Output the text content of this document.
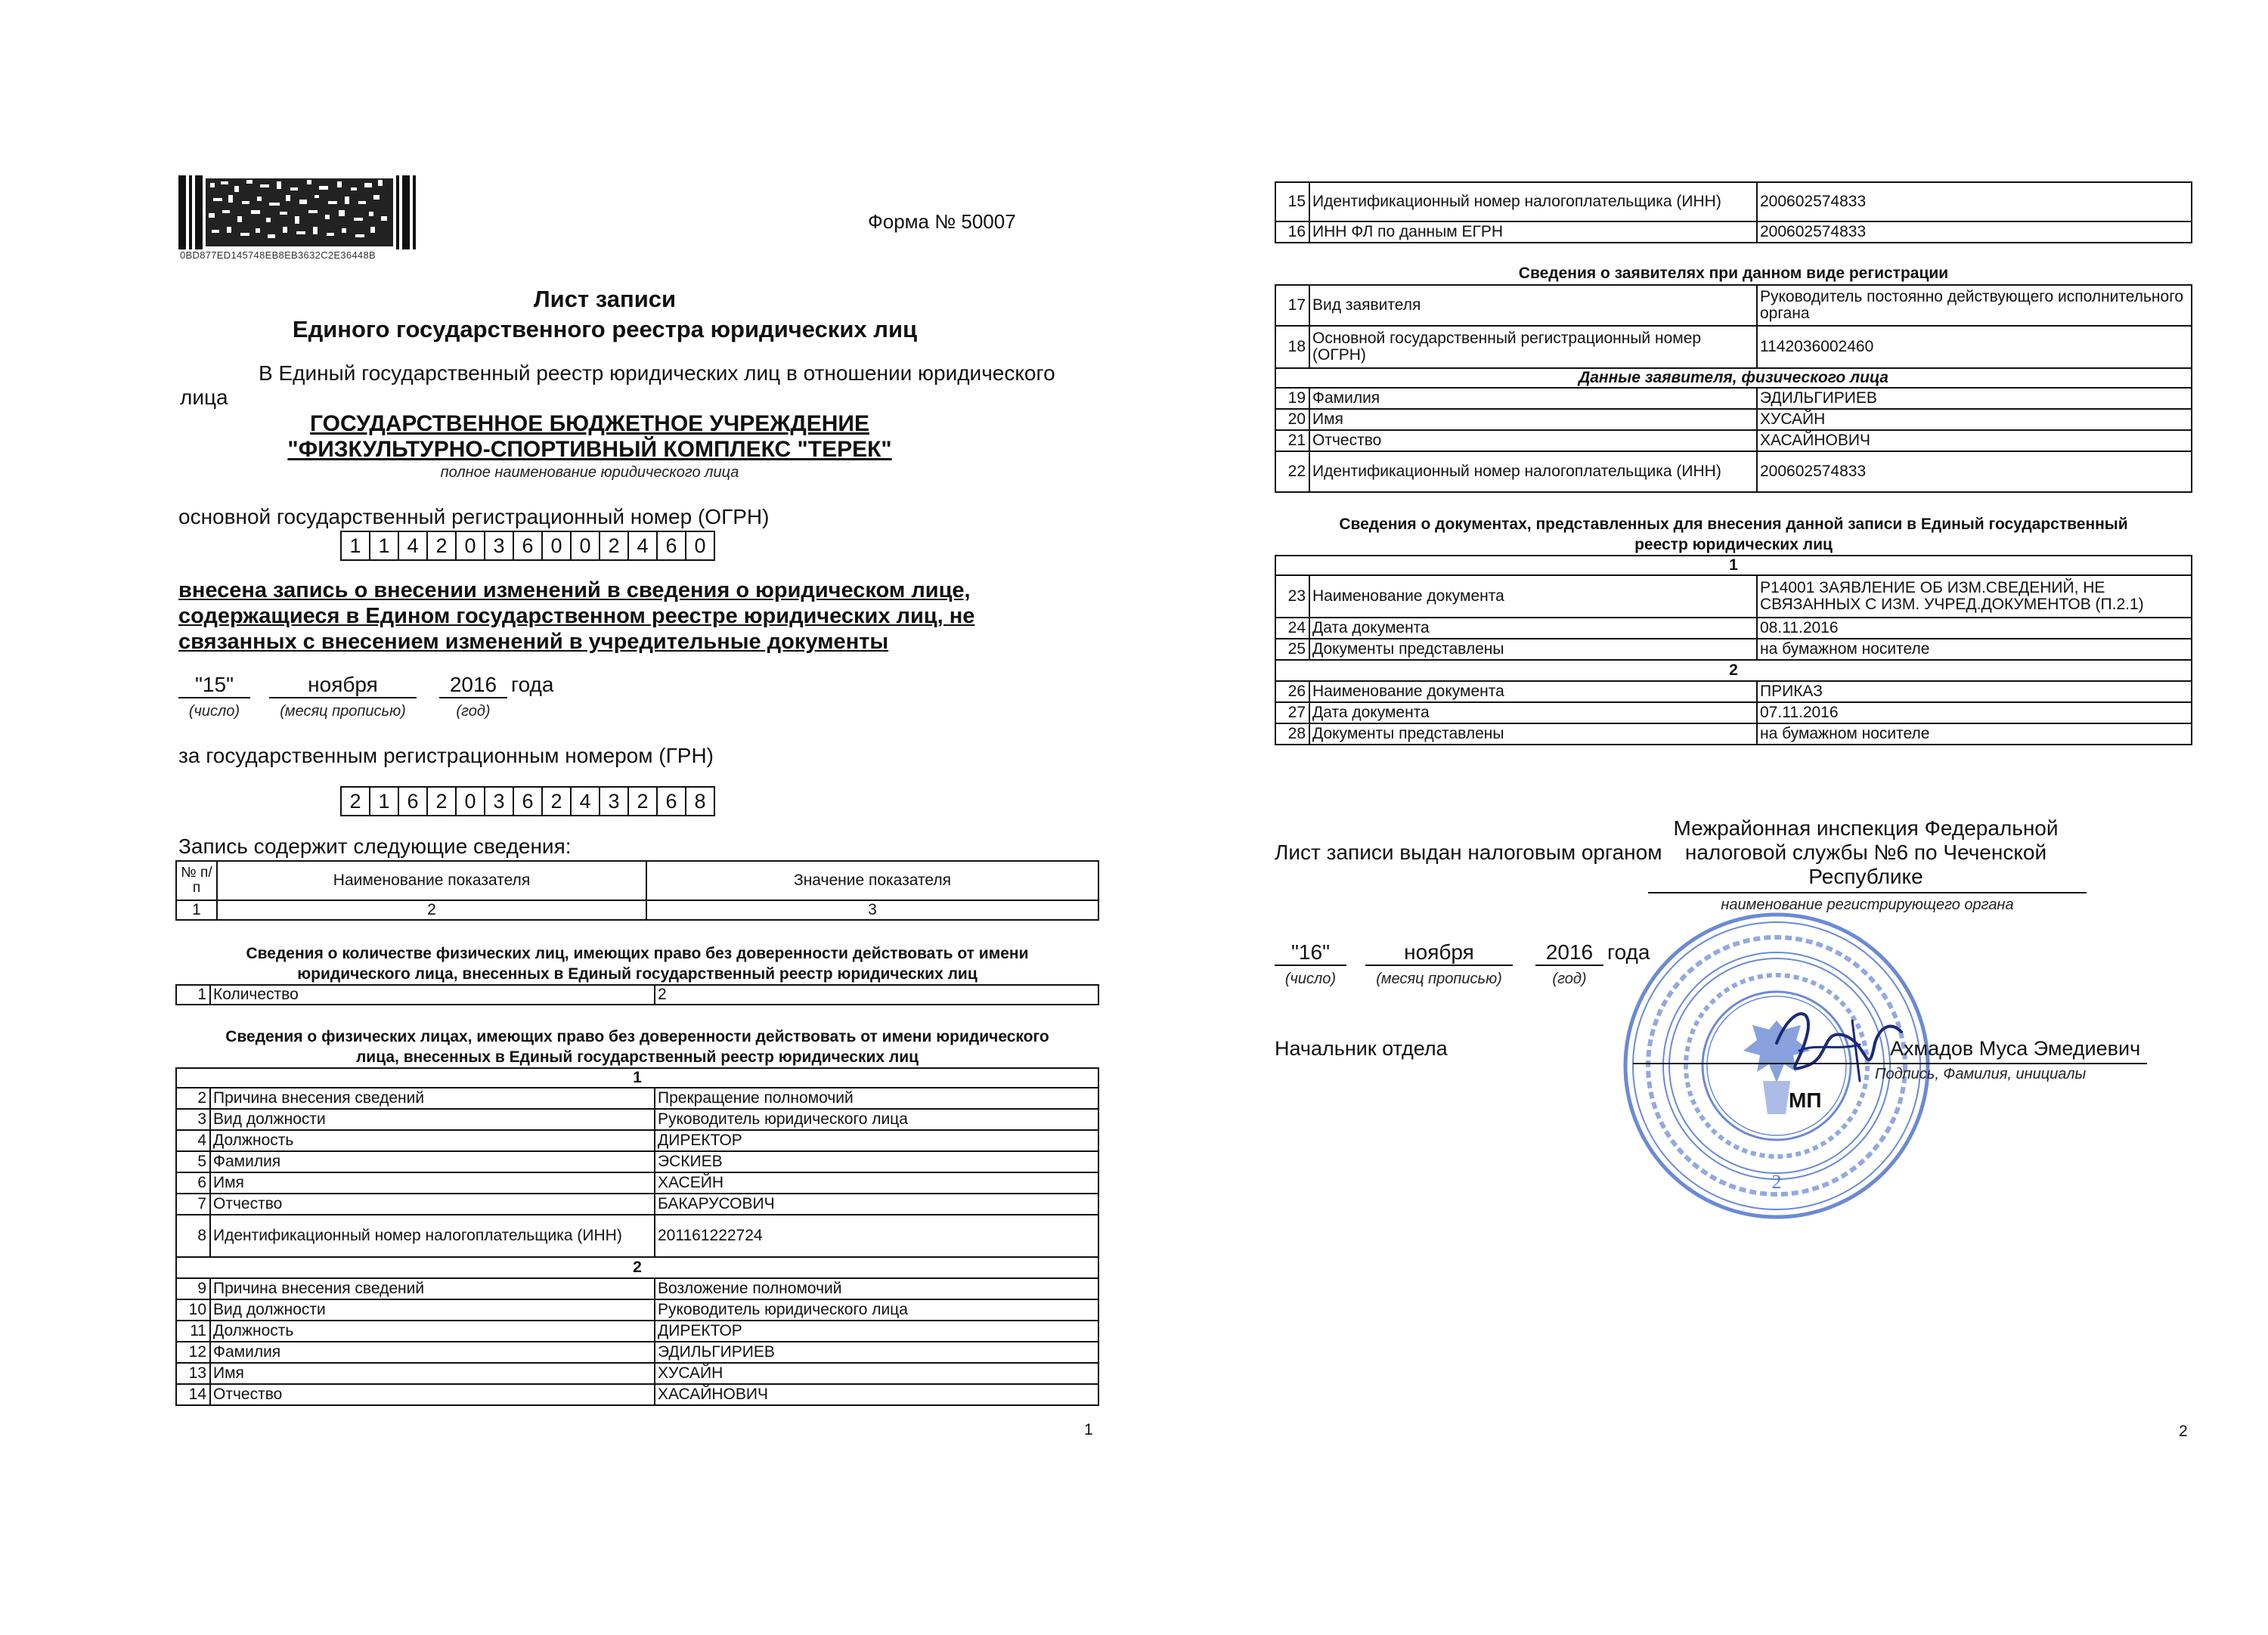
0BD877ED145748EB8EB3632C2E36448B
Форма № 50007
Лист записи
Единого государственного реестра юридических лиц
В Единый государственный реестр юридических лиц в отношении юридического
лица
ГОСУДАРСТВЕННОЕ БЮДЖЕТНОЕ УЧРЕЖДЕНИЕ
"ФИЗКУЛЬТУРНО-СПОРТИВНЫЙ КОМПЛЕКС "ТЕРЕК"
полное наименование юридического лица
основной государственный регистрационный номер (ОГРН)
1 1 4 2 0 3 6 0 0 2 4 6 0
внесена запись о внесении изменений в сведения о юридическом лице,
содержащиеся в Едином государственном реестре юридических лиц, не
связанных с внесением изменений в учредительные документы
"15"	ноября	2016 года
(число)	(месяц прописью)	(год)
за государственным регистрационным номером (ГРН)
2 1 6 2 0 3 6 2 4 3 2 6 8
Запись содержит следующие сведения:
№ п/п	Наименование показателя	Значение показателя
1	2	3
Сведения о количестве физических лиц, имеющих право без доверенности действовать от имени
юридического лица, внесенных в Единый государственный реестр юридических лиц
1	Количество	2
Сведения о физических лицах, имеющих право без доверенности действовать от имени юридического
лица, внесенных в Единый государственный реестр юридических лиц
1		
2	Причина внесения сведений	Прекращение полномочий
3	Вид должности	Руководитель юридического лица
4	Должность	ДИРЕКТОР
5	Фамилия	ЭСКИЕВ
6	Имя	ХАСЕЙН
7	Отчество	БАКАРУСОВИЧ
8	Идентификационный номер налогоплательщика (ИНН)	201161222724
2		
9	Причина внесения сведений	Возложение полномочий
10	Вид должности	Руководитель юридического лица
11	Должность	ДИРЕКТОР
12	Фамилия	ЭДИЛЬГИРИЕВ
13	Имя	ХУСАЙН
14	Отчество	ХАСАЙНОВИЧ
1
15	Идентификационный номер налогоплательщика (ИНН)	200602574833
16	ИНН ФЛ по данным ЕГРН	200602574833
Сведения о заявителях при данном виде регистрации
17	Вид заявителя	Руководитель постоянно действующего исполнительного органа
18	Основной государственный регистрационный номер (ОГРН)	1142036002460
Данные заявителя, физического лица		
19	Фамилия	ЭДИЛЬГИРИЕВ
20	Имя	ХУСАЙН
21	Отчество	ХАСАЙНОВИЧ
22	Идентификационный номер налогоплательщика (ИНН)	200602574833
Сведения о документах, представленных для внесения данной записи в Единый государственный
реестр юридических лиц
1		
23	Наименование документа	Р14001 ЗАЯВЛЕНИЕ ОБ ИЗМ.СВЕДЕНИЙ, НЕ СВЯЗАННЫХ С ИЗМ. УЧРЕД.ДОКУМЕНТОВ (П.2.1)
24	Дата документа	08.11.2016
25	Документы представлены	на бумажном носителе
2		
26	Наименование документа	ПРИКАЗ
27	Дата документа	07.11.2016
28	Документы представлены	на бумажном носителе
Лист записи выдан налоговым органом
Межрайонная инспекция Федеральной
налоговой службы №6 по Чеченской
Республике
наименование регистрирующего органа
"16"	ноября	2016 года
(число)	(месяц прописью)	(год)
2
Начальник отдела	Ахмадов Муса Эмедиевич
Подпись, Фамилия, инициалы
МП
2
